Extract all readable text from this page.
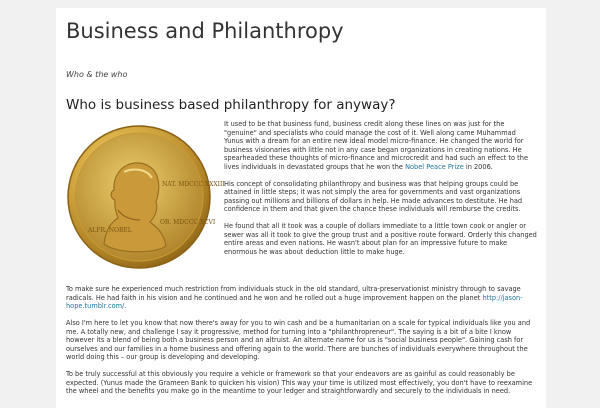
Business and Philanthropy
Who & the who
Who is business based philanthropy for anyway?
NAT. MDCCC XXXIII
OB. MDCCC XCVI
ALFR. NOBEL

It used to be that business fund, business credit along these lines on was just for the "genuine" and specialists who could manage the cost of it. Well along came Muhammad Yunus with a dream for an entire new ideal model micro-finance. He changed the world for business visionaries with little not in any case began organizations in creating nations. He spearheaded these thoughts of micro-finance and microcredit and had such an effect to the lives individuals in devastated groups that he won the Nobel Peace Prize in 2006.

His concept of consolidating philanthropy and business was that helping groups could be attained in little steps; it was not simply the area for governments and vast organizations passing out millions and billions of dollars in help. He made advances to destitute. He had confidence in them and that given the chance these individuals will remburse the credits.

He found that all it took was a couple of dollars immediate to a little town cook or angler or sewer was all it took to give the group trust and a positive route forward. Orderly this changed entire areas and even nations. He wasn't about plan for an impressive future to make enormous he was about deduction little to make huge.

To make sure he experienced much restriction from individuals stuck in the old standard, ultra-preservationist ministry through to savage radicals. He had faith in his vision and he continued and he won and he rolled out a huge improvement happen on the planet http://jason-hope.tumblr.com/.

Also I'm here to let you know that now there's away for you to win cash and be a humanitarian on a scale for typical individuals like you and me. A totally new, and challenge I say it progressive, method for turning into a "philanthropreneur". The saying is a bit of a bite I know however its a blend of being both a business person and an altruist. An alternate name for us is "social business people". Gaining cash for ourselves and our families in a home business and offering again to the world. There are bunches of individuals everywhere throughout the world doing this – our group is developing and developing.

To be truly successful at this obviously you require a vehicle or framework so that your endeavors are as gainful as could reasonably be expected. (Yunus made the Grameen Bank to quicken his vision) This way your time is utilized most effectively, you don't have to reexamine the wheel and the benefits you make go in the meantime to your ledger and straightforwardly and securely to the individuals in need.
